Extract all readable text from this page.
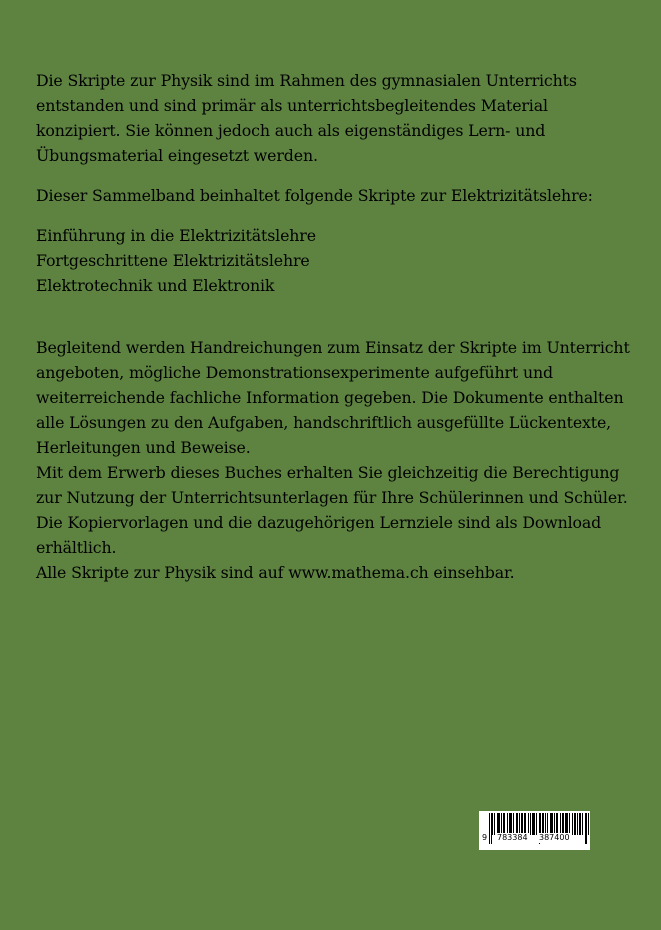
Die Skripte zur Physik sind im Rahmen des gymnasialen Unterrichts entstanden und sind primär als unterrichtsbegleitendes Material konzipiert. Sie können jedoch auch als eigenständiges Lern- und Übungsmaterial eingesetzt werden.

Dieser Sammelband beinhaltet folgende Skripte zur Elektrizitätslehre:

Einführung in die Elektrizitätslehre
Fortgeschrittene Elektrizitätslehre
Elektrotechnik und Elektronik

Begleitend werden Handreichungen zum Einsatz der Skripte im Unterricht angeboten, mögliche Demonstrationsexperimente aufgeführt und weiterreichende fachliche Information gegeben. Die Dokumente enthalten alle Lösungen zu den Aufgaben, handschriftlich ausgefüllte Lückentexte, Herleitungen und Beweise.

Mit dem Erwerb dieses Buches erhalten Sie gleichzeitig die Berechtigung zur Nutzung der Unterrichtsunterlagen für Ihre Schülerinnen und Schüler. Die Kopiervorlagen und die dazugehörigen Lernziele sind als Download erhältlich.

Alle Skripte zur Physik sind auf www.mathema.ch einsehbar.

9 783384 387400
